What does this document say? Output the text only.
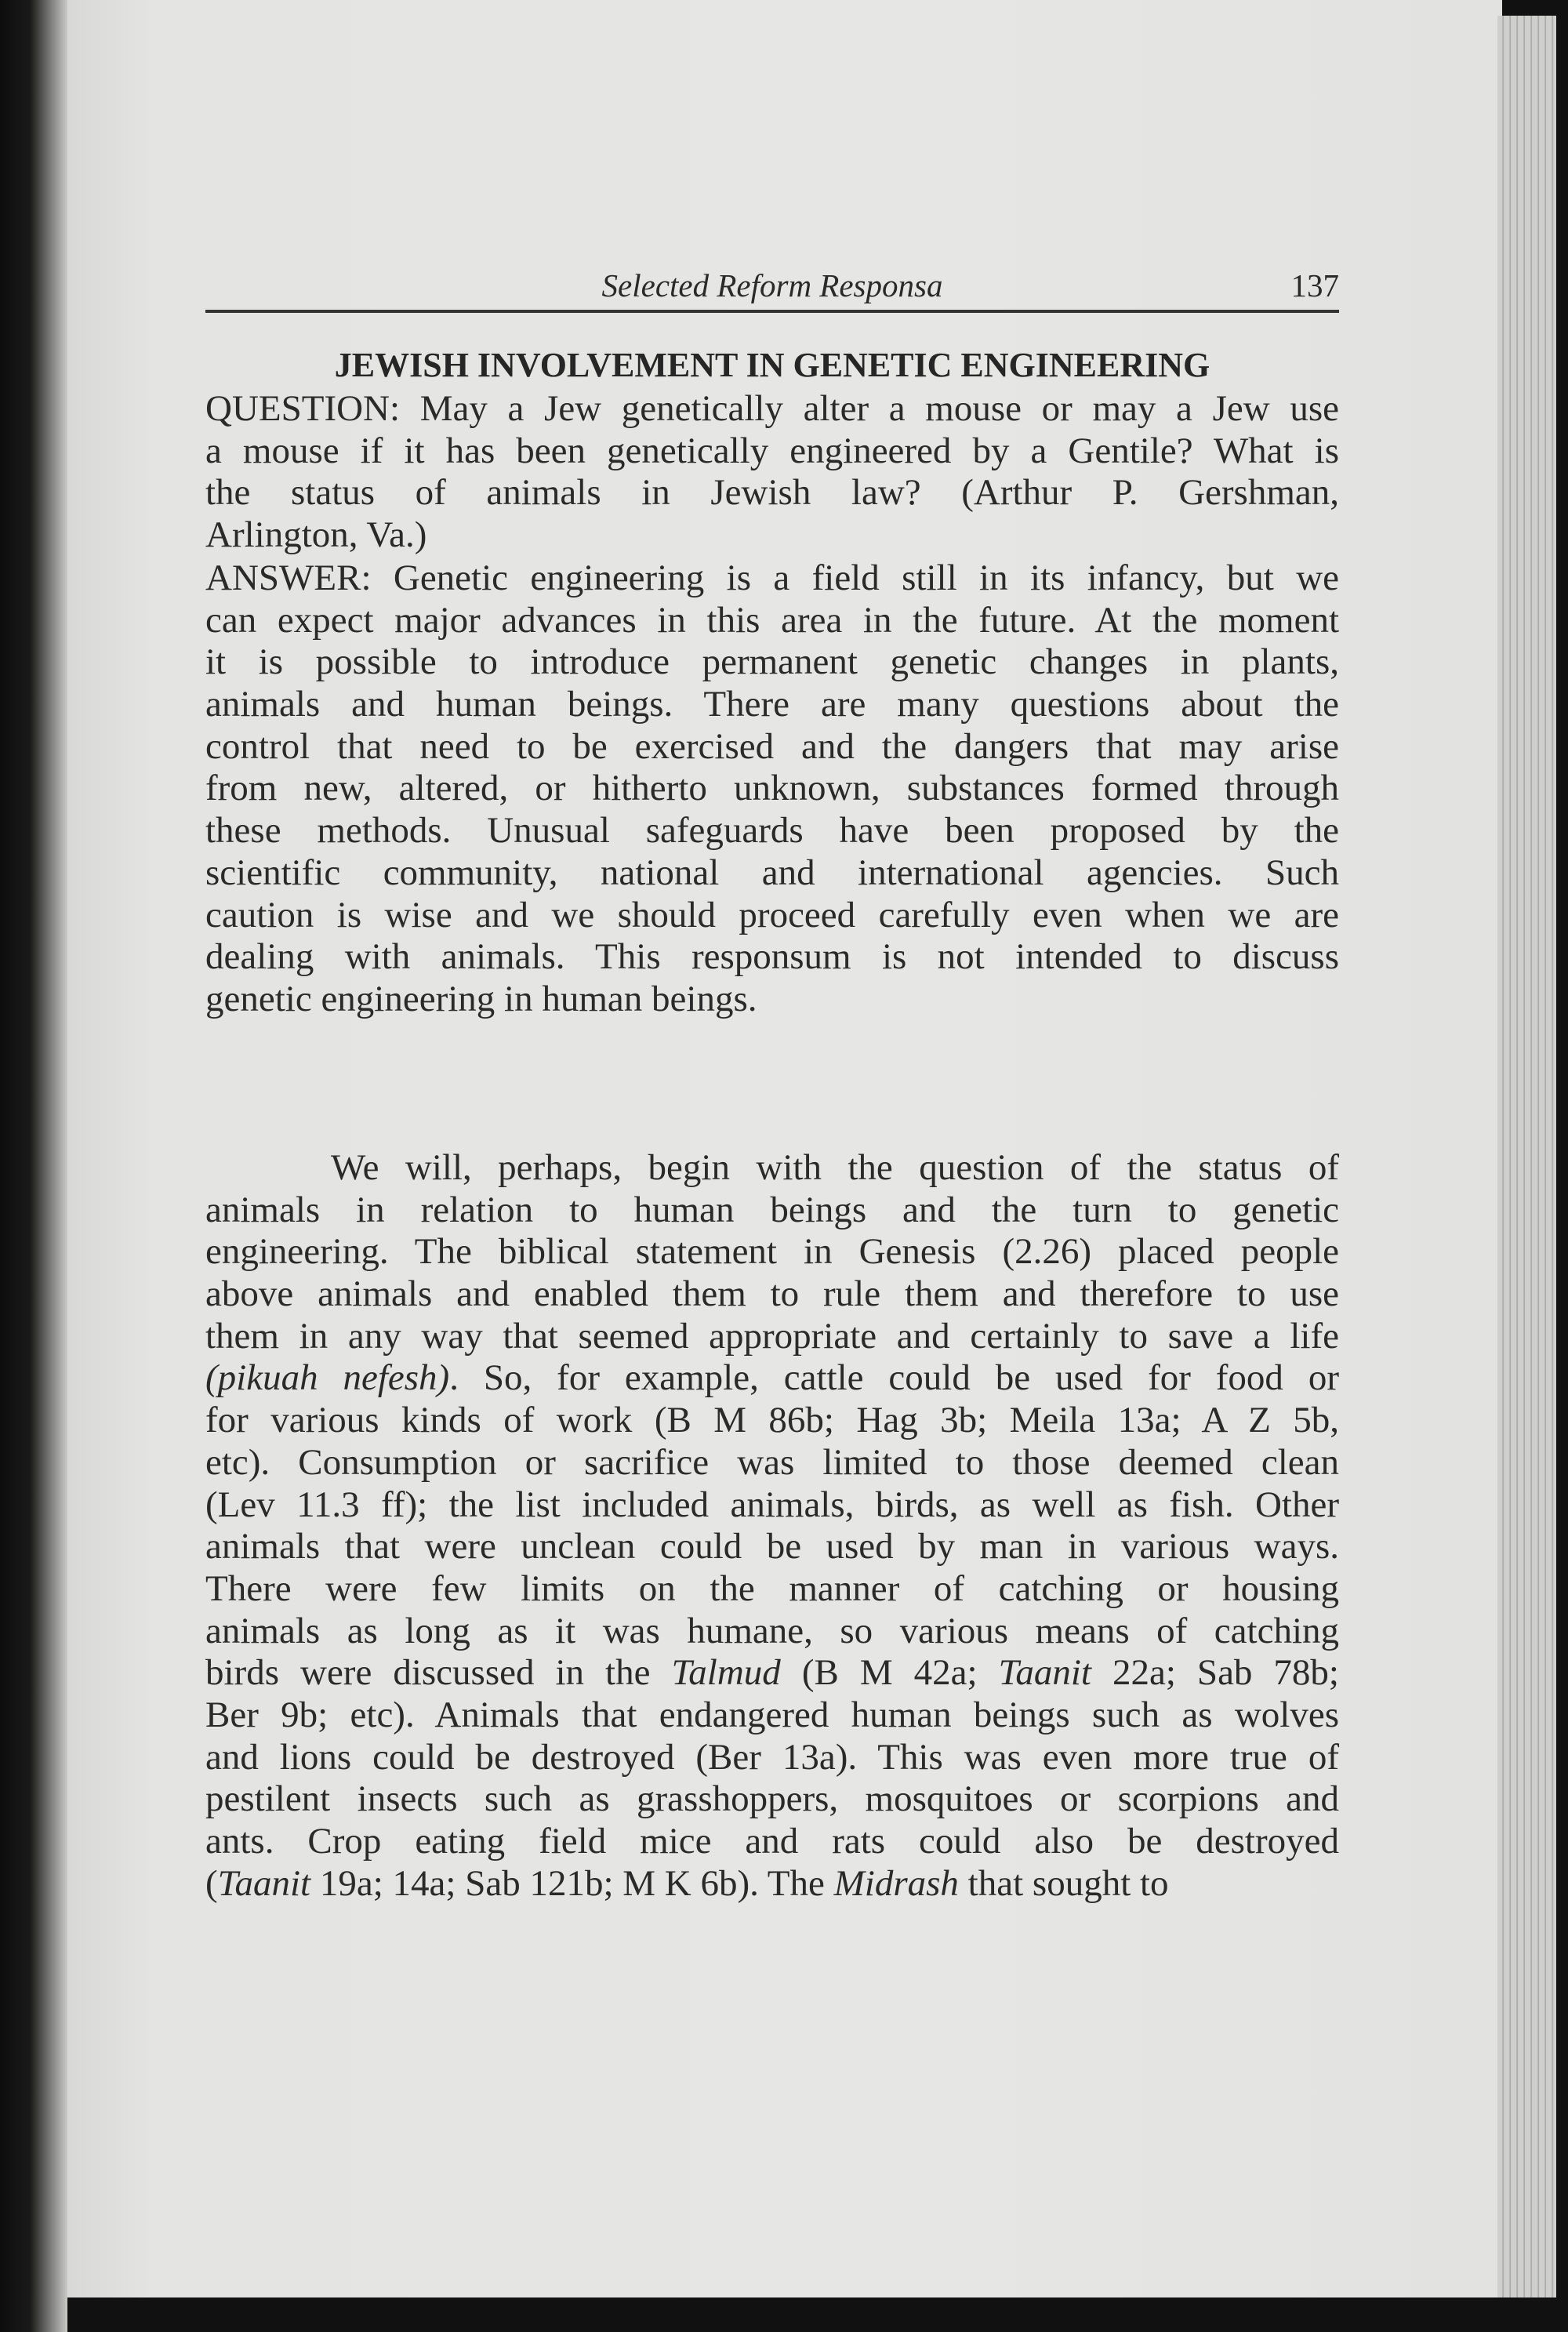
Selected Reform Responsa	137
JEWISH INVOLVEMENT IN GENETIC ENGINEERING
QUESTION: May a Jew genetically alter a mouse or may a Jew use
a mouse if it has been genetically engineered by a Gentile? What is
the status of animals in Jewish law? (Arthur P. Gershman,
Arlington, Va.)
ANSWER: Genetic engineering is a field still in its infancy, but we
can expect major advances in this area in the future. At the moment
it is possible to introduce permanent genetic changes in plants,
animals and human beings. There are many questions about the
control that need to be exercised and the dangers that may arise
from new, altered, or hitherto unknown, substances formed through
these methods. Unusual safeguards have been proposed by the
scientific community, national and international agencies. Such
caution is wise and we should proceed carefully even when we are
dealing with animals. This responsum is not intended to discuss
genetic engineering in human beings.
We will, perhaps, begin with the question of the status of
animals in relation to human beings and the turn to genetic
engineering. The biblical statement in Genesis (2.26) placed people
above animals and enabled them to rule them and therefore to use
them in any way that seemed appropriate and certainly to save a life
(pikuah nefesh). So, for example, cattle could be used for food or
for various kinds of work (B M 86b; Hag 3b; Meila 13a; A Z 5b,
etc). Consumption or sacrifice was limited to those deemed clean
(Lev 11.3 ff); the list included animals, birds, as well as fish. Other
animals that were unclean could be used by man in various ways.
There were few limits on the manner of catching or housing
animals as long as it was humane, so various means of catching
birds were discussed in the Talmud (B M 42a; Taanit 22a; Sab 78b;
Ber 9b; etc). Animals that endangered human beings such as wolves
and lions could be destroyed (Ber 13a). This was even more true of
pestilent insects such as grasshoppers, mosquitoes or scorpions and
ants. Crop eating field mice and rats could also be destroyed
(Taanit 19a; 14a; Sab 121b; M K 6b). The Midrash that sought to
